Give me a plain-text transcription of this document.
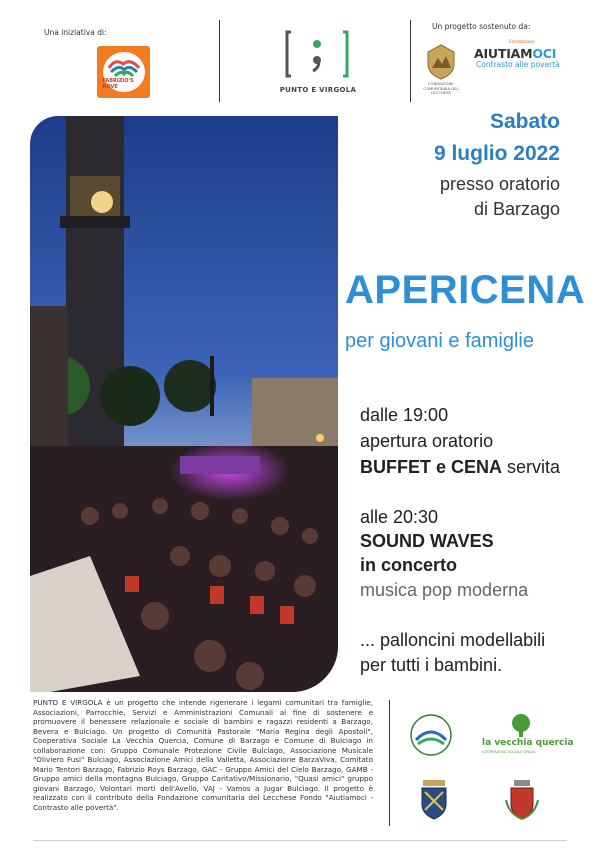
Una iniziativa di:
FABRIZIO'S ROVE	PUNTO E VIRGOLA
Un progetto sostenuto da:
FONDAZIONE COMUNITARIA DEL LECCHESE
Fondazione
AIUTIAMOCI
Contrasto alle povertà
Sabato
9 luglio 2022
presso oratorio
di Barzago
APERICENA
per giovani e famiglie
dalle 19:00
apertura oratorio
BUFFET e CENA servita
alle 20:30
SOUND WAVES
in concerto
musica pop moderna
... palloncini modellabili
per tutti i bambini.
PUNTO E VIRGOLA è un progetto che intende rigenerare i legami comunitari tra famiglie, Associazioni, Parrocchie, Servizi e Amministrazioni Comunali al fine di sostenere e promuovere il benessere relazionale e sociale di bambini e ragazzi residenti a Barzago, Bevera e Bulciago. Un progetto di Comunità Pastorale "Maria Regina degli Apostoli", Cooperativa Sociale La Vecchia Quercia, Comune di Barzago e Comune di Bulciago in collaborazione con: Gruppo Comunale Protezione Civile Bulciago, Associazione Musicale "Oliviero Fusi" Bulciago, Associazione Amici della Valletta, Associazione BarzaViva, Comitato Mario Tentori Barzago, Fabrizio Roys Barzago, GAC - Gruppo Amici del Cielo Barzago, GAMB - Gruppo amici della montagna Bulciago, Gruppo Caritativo/Missionario, "Quasi amici" gruppo giovani Barzago, Volontari mortì dell'Avello, VAJ - Vamos a Jugar Bulciago. Il progetto è realizzato con il contributo della Fondazione comunitaria del Lecchese Fondo "Aiutiamoci - Contrasto alle povertà".
la vecchia quercia
COOPERATIVA SOCIALE ONLUS
